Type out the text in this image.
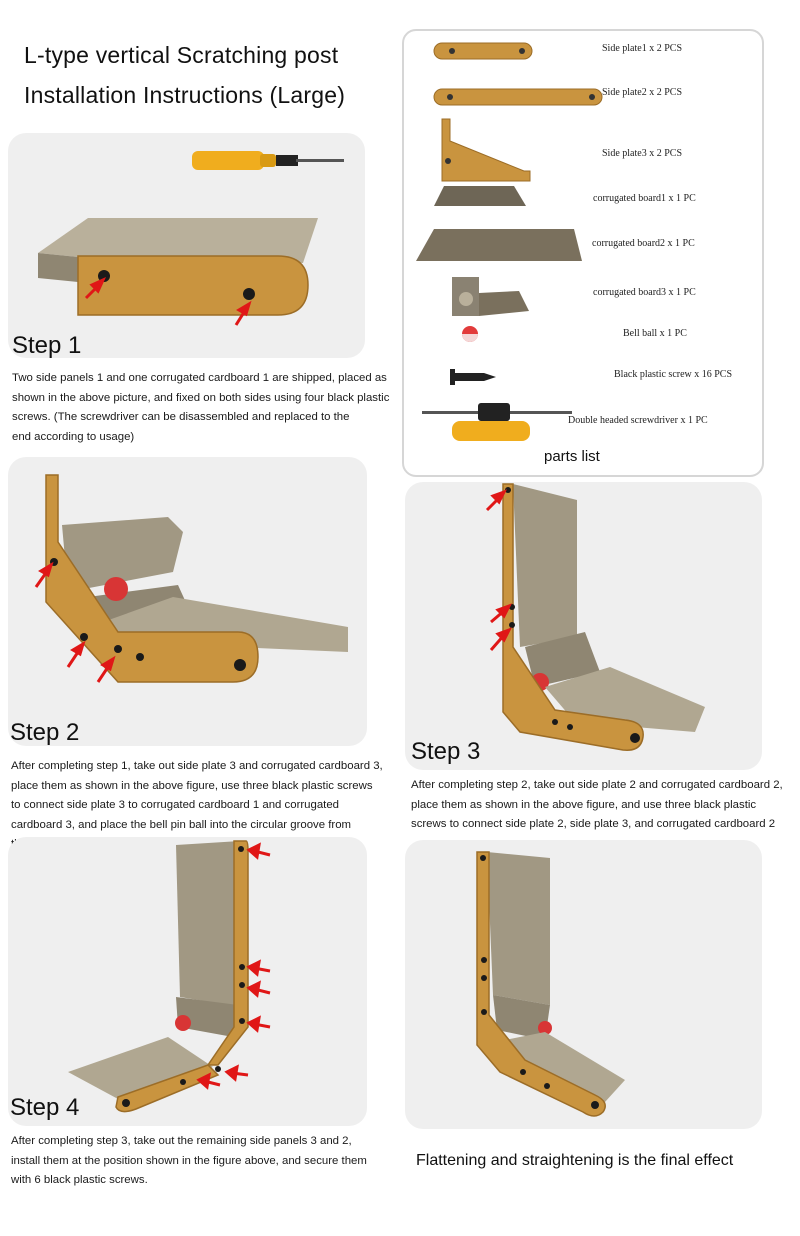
L-type vertical Scratching post
Installation Instructions (Large)
Step 1
Two side panels 1 and one corrugated cardboard 1 are shipped, placed as
shown in the above picture, and fixed on both sides using four black plastic
screws. (The screwdriver can be disassembled and replaced to the
end according to usage)
Side plate1 x 2 PCS
Side plate2 x 2 PCS
Side plate3 x 2 PCS
corrugated board1 x 1 PC
corrugated board2 x 1 PC
corrugated board3 x 1 PC
Bell ball x 1 PC
Black plastic screw x 16 PCS
Double headed screwdriver x 1 PC
parts list
Step 2
After completing step 1, take out side plate 3 and corrugated cardboard 3,
place them as shown in the above figure, use three black plastic screws
to connect side plate 3 to corrugated cardboard 1 and corrugated
cardboard 3, and place the bell pin ball into the circular groove from
Step 3
After completing step 2, take out side plate 2 and corrugated cardboard 2,
place them as shown in the above figure, and use three black plastic
screws to connect side plate 2, side plate 3, and corrugated cardboard 2
Step 4
After completing step 3, take out the remaining side panels 3 and 2,
install them at the position shown in the figure above, and secure them
with 6 black plastic screws.
Flattening and straightening is the final effect
